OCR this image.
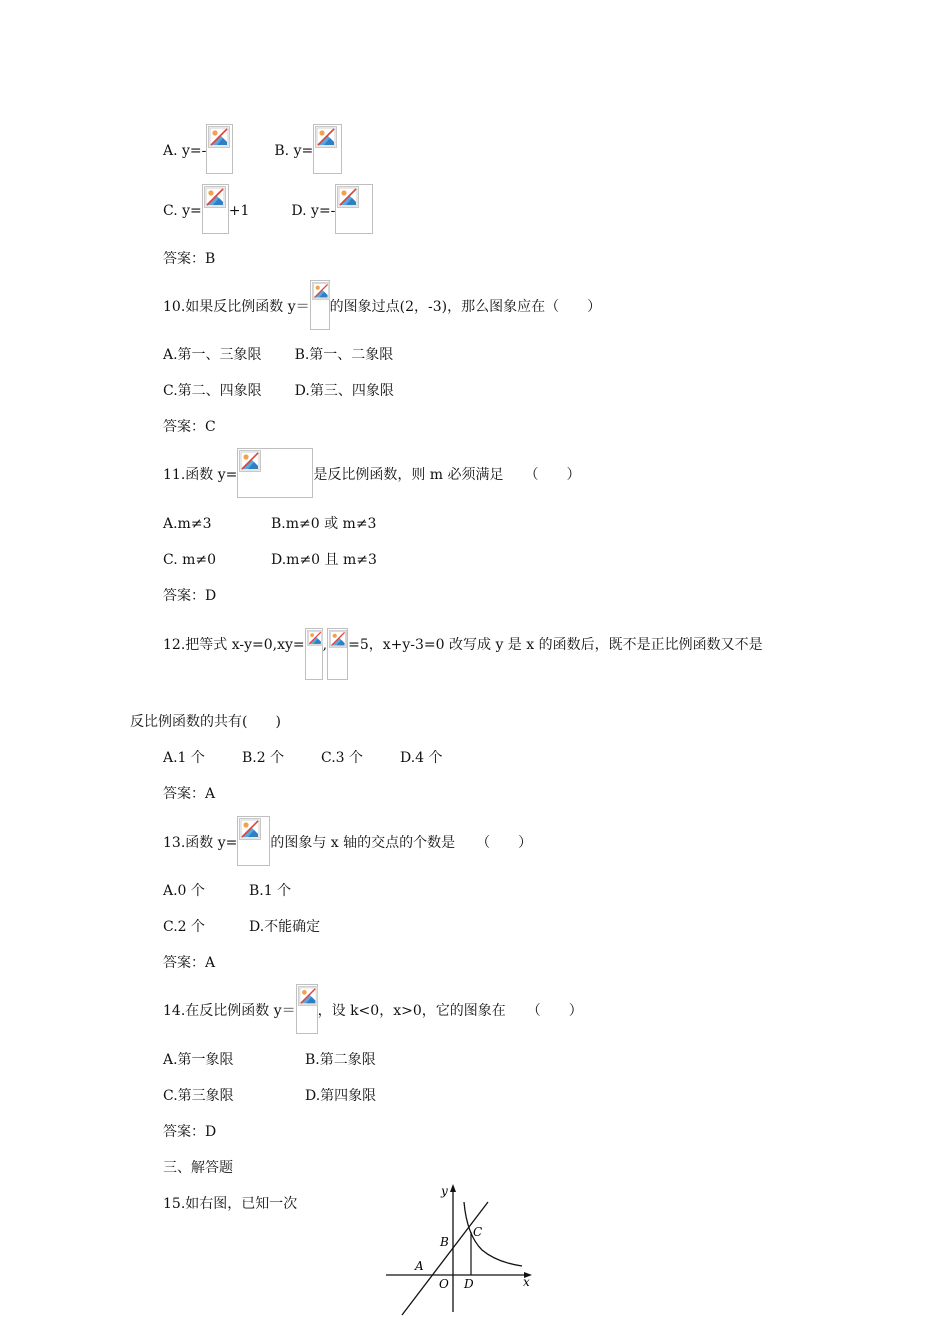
A. y=-	B. y=
C. y= +1	D. y=-
答案：B
10.如果反比例函数 y＝ 的图象过点(2，-3)，那么图象应在（　　）
A.第一、三象限 B.第一、二象限
C.第二、四象限 D.第三、四象限
答案：C
11.函数 y=	是反比例函数，则 m 必须满足　　（　　）
A.m≠3	B.m≠0 或 m≠3
C. m≠0	D.m≠0 且 m≠3
答案：D
12.把等式 x-y=0,xy= , =5，x+y-3=0 改写成 y 是 x 的函数后，既不是正比例函数又不是
反比例函数的共有(　　)
A.1 个	B.2 个	C.3 个	D.4 个
答案：A
13.函数 y= 的图象与 x 轴的交点的个数是　　（　　）
A.0 个	B.1 个
C.2 个	D.不能确定
答案：A
14.在反比例函数 y＝ ，设 k<0，x>0，它的图象在　　（　　）
A.第一象限	B.第二象限
C.第三象限	D.第四象限
答案：D
三、解答题
15.如右图，已知一次
y
x
O
A
B
C
D
